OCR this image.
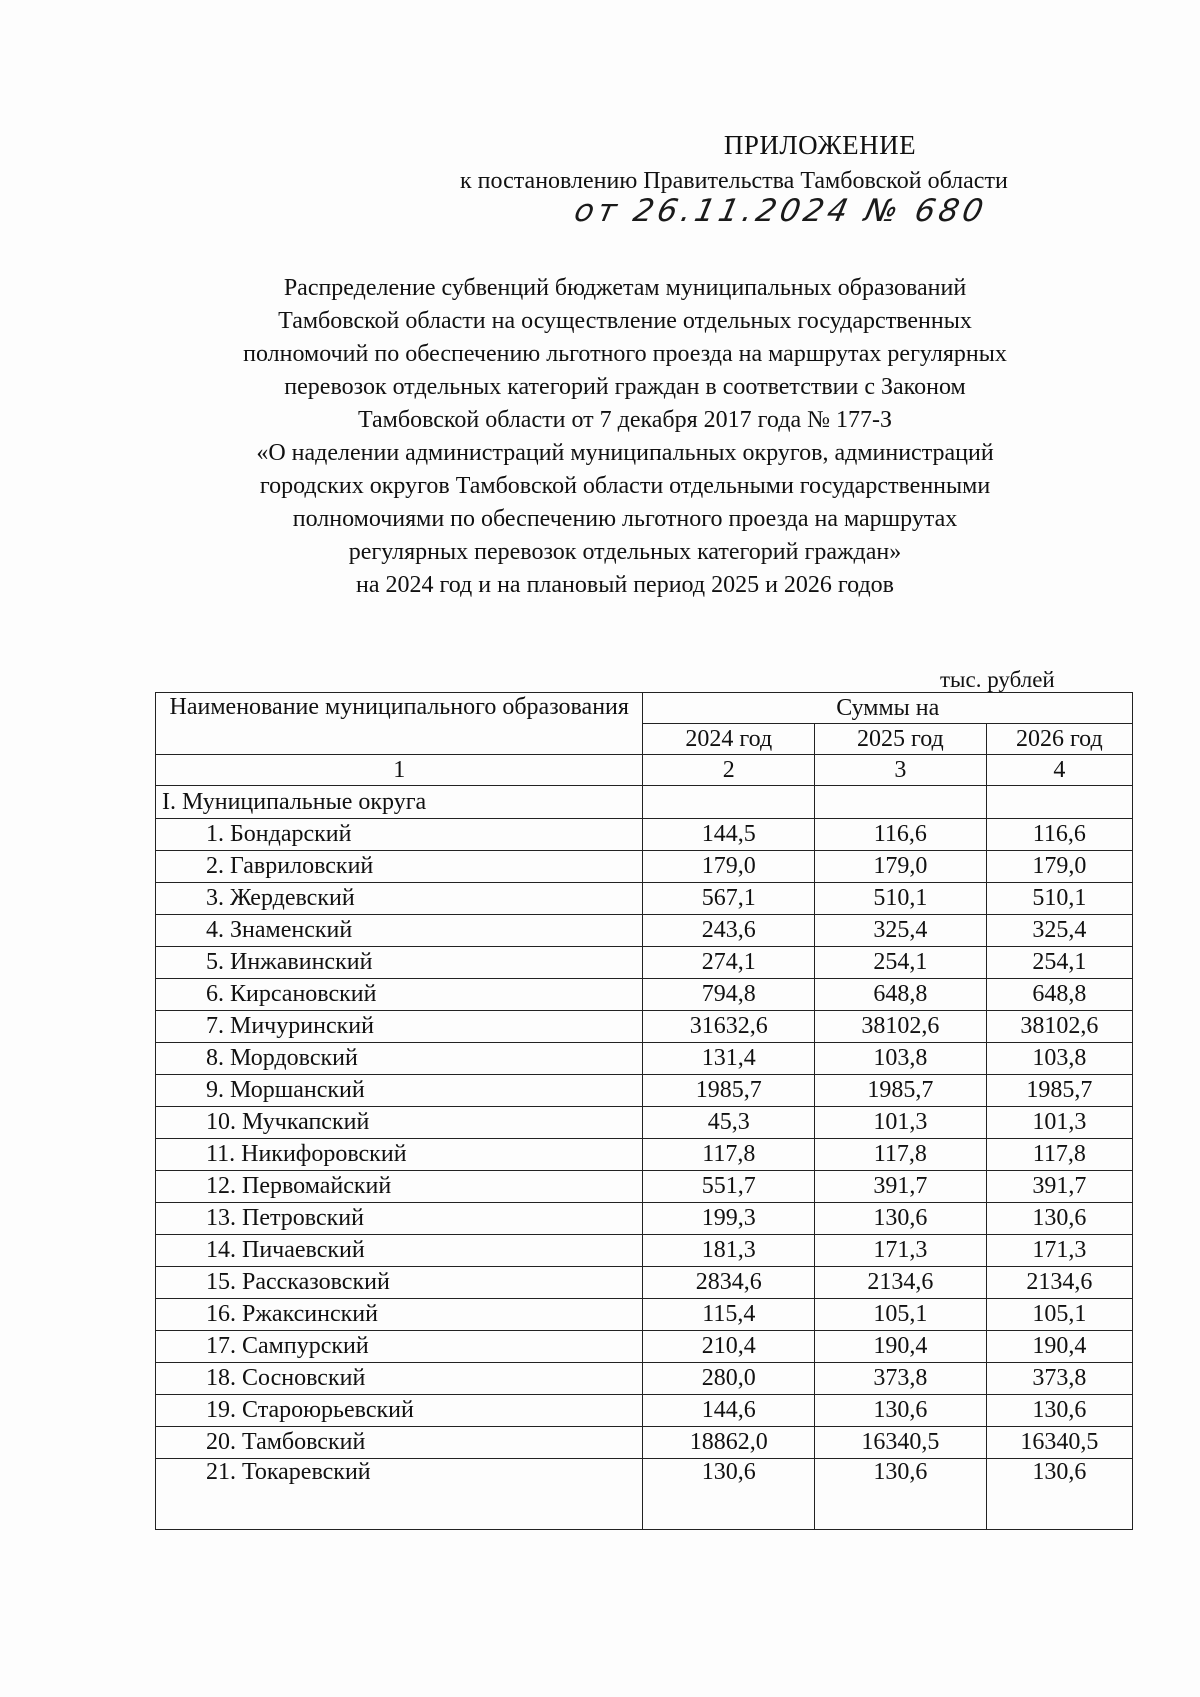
ПРИЛОЖЕНИЕ
к постановлению Правительства Тамбовской области
от 26.11.2024 № 680
Распределение субвенций бюджетам муниципальных образований
Тамбовской области на осуществление отдельных государственных
полномочий по обеспечению льготного проезда на маршрутах регулярных
перевозок отдельных категорий граждан в соответствии с Законом
Тамбовской области от 7 декабря 2017 года № 177-З
«О наделении администраций муниципальных округов, администраций
городских округов Тамбовской области отдельными государственными
полномочиями по обеспечению льготного проезда на маршрутах
регулярных перевозок отдельных категорий граждан»
на 2024 год и на плановый период 2025 и 2026 годов
тыс. рублей
Наименование муниципального образования	Суммы на		
	2024 год	2025 год	2026 год
1	2	3	4
I. Муниципальные округа			
1. Бондарский	144,5	116,6	116,6
2. Гавриловский	179,0	179,0	179,0
3. Жердевский	567,1	510,1	510,1
4. Знаменский	243,6	325,4	325,4
5. Инжавинский	274,1	254,1	254,1
6. Кирсановский	794,8	648,8	648,8
7. Мичуринский	31632,6	38102,6	38102,6
8. Мордовский	131,4	103,8	103,8
9. Моршанский	1985,7	1985,7	1985,7
10. Мучкапский	45,3	101,3	101,3
11. Никифоровский	117,8	117,8	117,8
12. Первомайский	551,7	391,7	391,7
13. Петровский	199,3	130,6	130,6
14. Пичаевский	181,3	171,3	171,3
15. Рассказовский	2834,6	2134,6	2134,6
16. Ржаксинский	115,4	105,1	105,1
17. Сампурский	210,4	190,4	190,4
18. Сосновский	280,0	373,8	373,8
19. Староюрьевский	144,6	130,6	130,6
20. Тамбовский	18862,0	16340,5	16340,5
21. Токаревский	130,6	130,6	130,6
